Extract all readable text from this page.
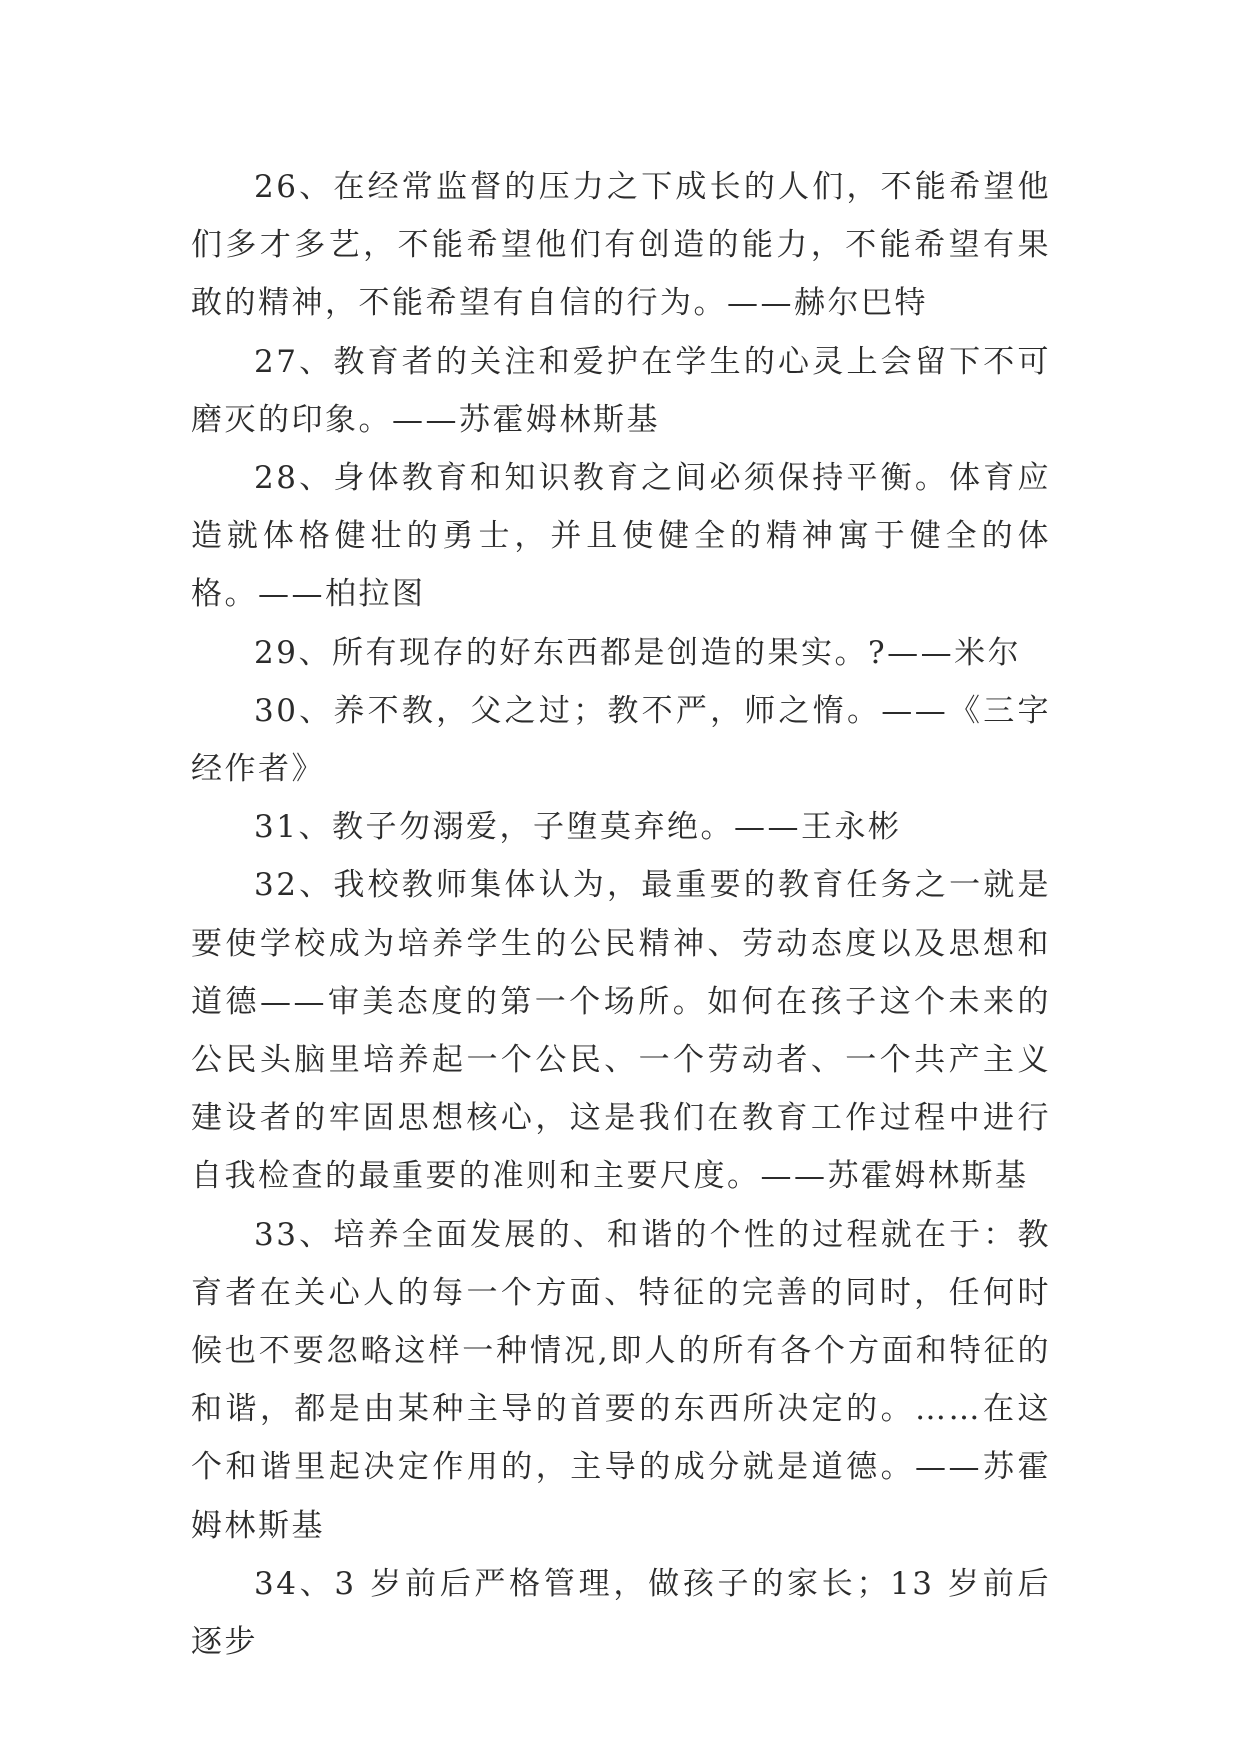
26、在经常监督的压力之下成长的人们，不能希望他们多才多艺，不能希望他们有创造的能力，不能希望有果敢的精神，不能希望有自信的行为。——赫尔巴特

27、教育者的关注和爱护在学生的心灵上会留下不可磨灭的印象。——苏霍姆林斯基

28、身体教育和知识教育之间必须保持平衡。体育应造就体格健壮的勇士，并且使健全的精神寓于健全的体格。——柏拉图

29、所有现存的好东西都是创造的果实。?——米尔

30、养不教，父之过；教不严，师之惰。——《三字经作者》

31、教子勿溺爱，子堕莫弃绝。——王永彬

32、我校教师集体认为，最重要的教育任务之一就是要使学校成为培养学生的公民精神、劳动态度以及思想和道德——审美态度的第一个场所。如何在孩子这个未来的公民头脑里培养起一个公民、一个劳动者、一个共产主义建设者的牢固思想核心，这是我们在教育工作过程中进行自我检查的最重要的准则和主要尺度。——苏霍姆林斯基

33、培养全面发展的、和谐的个性的过程就在于：教育者在关心人的每一个方面、特征的完善的同时，任何时候也不要忽略这样一种情况,即人的所有各个方面和特征的和谐，都是由某种主导的首要的东西所决定的。……在这个和谐里起决定作用的，主导的成分就是道德。——苏霍姆林斯基

34、3 岁前后严格管理，做孩子的家长；13 岁前后逐步
